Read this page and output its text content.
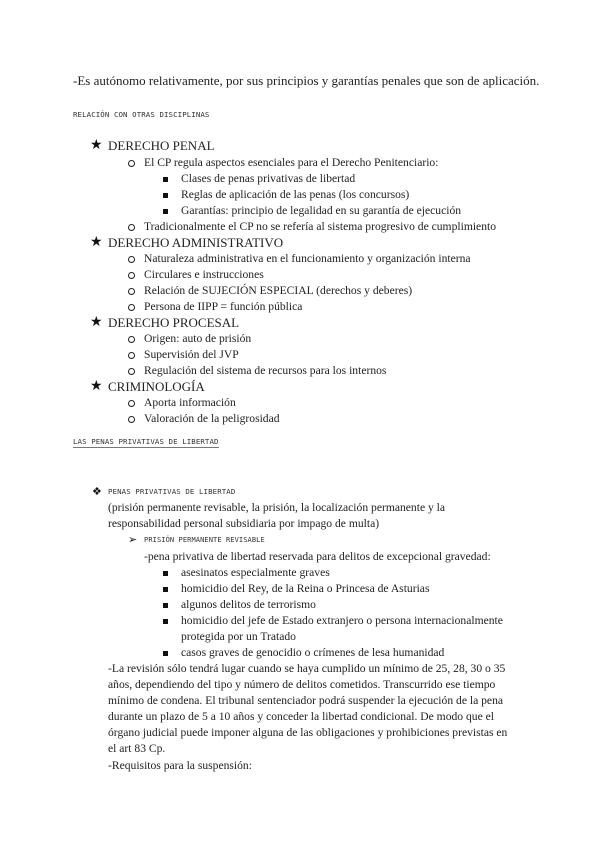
-Es autónomo relativamente, por sus principios y garantías penales que son de aplicación.
RELACIÓN CON OTRAS DISCIPLINAS
★ DERECHO PENAL
El CP regula aspectos esenciales para el Derecho Penitenciario:
Clases de penas privativas de libertad
Reglas de aplicación de las penas (los concursos)
Garantías: principio de legalidad en su garantía de ejecución
Tradicionalmente el CP no se refería al sistema progresivo de cumplimiento
★ DERECHO ADMINISTRATIVO
Naturaleza administrativa en el funcionamiento y organización interna
Circulares e instrucciones
Relación de SUJECIÓN ESPECIAL (derechos y deberes)
Persona de IIPP = función pública
★ DERECHO PROCESAL
Origen: auto de prisión
Supervisión del JVP
Regulación del sistema de recursos para los internos
★ CRIMINOLOGÍA
Aporta información
Valoración de la peligrosidad
LAS PENAS PRIVATIVAS DE LIBERTAD
❖ PENAS PRIVATIVAS DE LIBERTAD
(prisión permanente revisable, la prisión, la localización permanente y la
responsabilidad personal subsidiaria por impago de multa)
➢ PRISIÓN PERMANENTE REVISABLE
-pena privativa de libertad reservada para delitos de excepcional gravedad:
asesinatos especialmente graves
homicidio del Rey, de la Reina o Princesa de Asturias
algunos delitos de terrorismo
homicidio del jefe de Estado extranjero o persona internacionalmente
protegida por un Tratado
casos graves de genocidio o crímenes de lesa humanidad
-La revisión sólo tendrá lugar cuando se haya cumplido un mínimo de 25, 28, 30 o 35
años, dependiendo del tipo y número de delitos cometidos. Transcurrido ese tiempo
mínimo de condena. El tribunal sentenciador podrá suspender la ejecución de la pena
durante un plazo de 5 a 10 años y conceder la libertad condicional. De modo que el
órgano judicial puede imponer alguna de las obligaciones y prohibiciones previstas en
el art 83 Cp.
-Requisitos para la suspensión:
